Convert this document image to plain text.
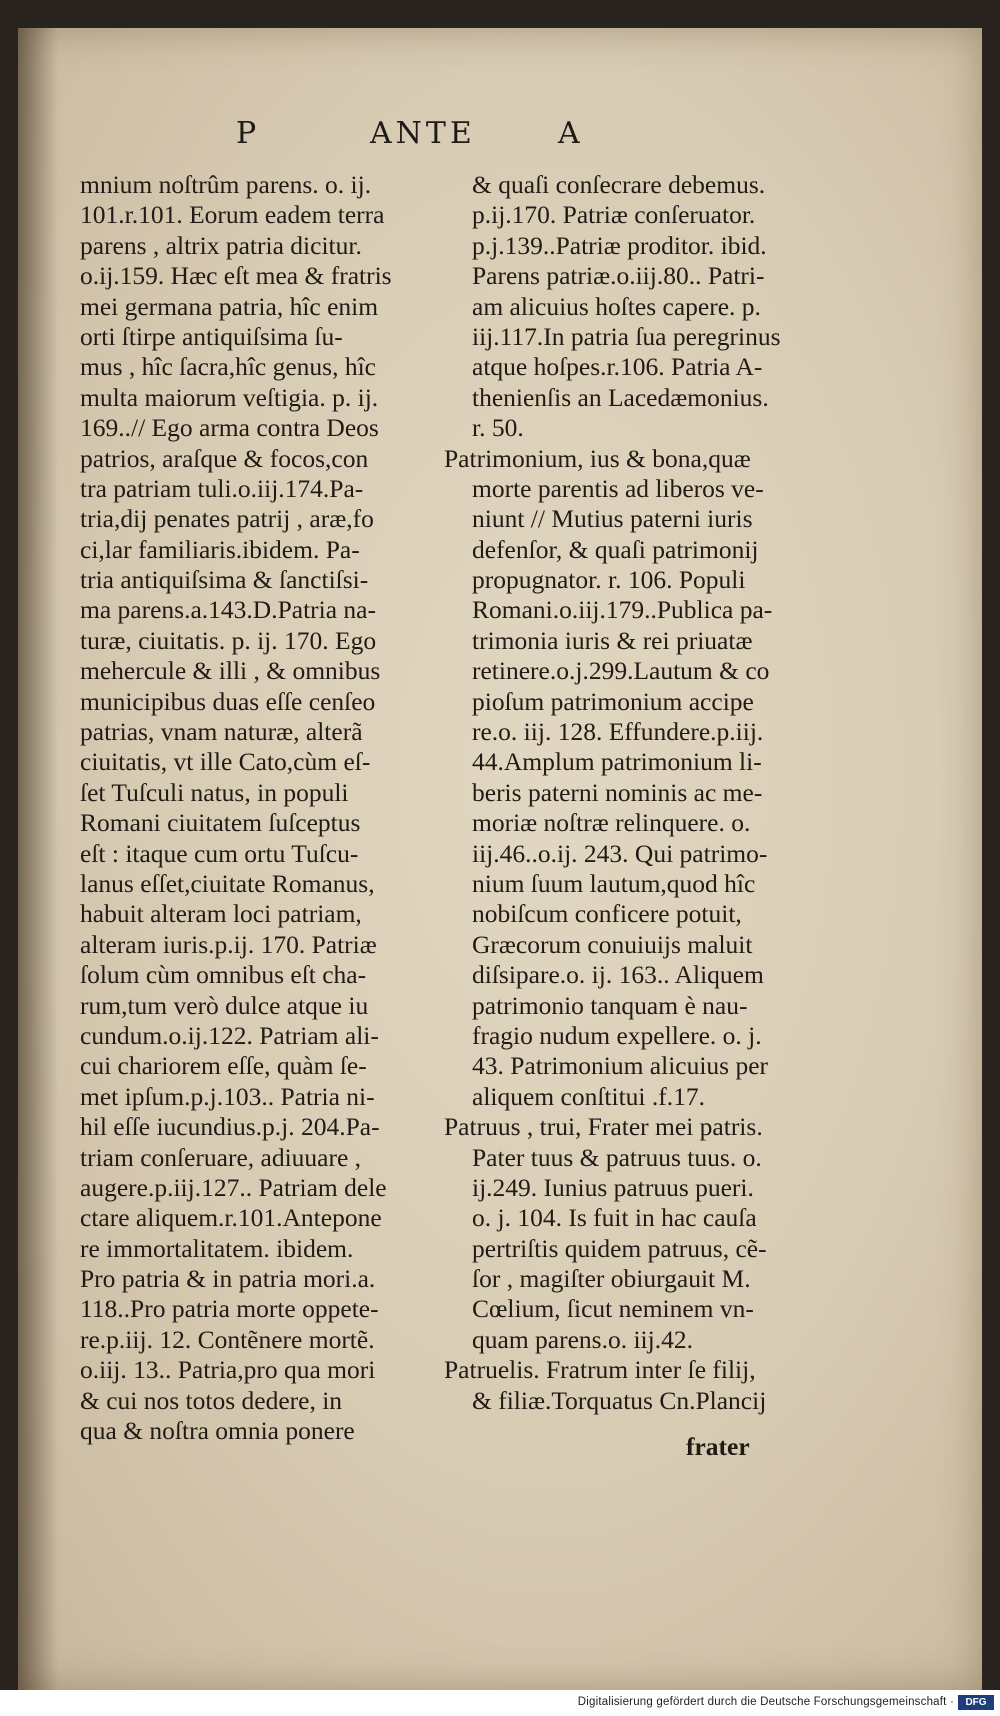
P	ANTE	A
mnium noſtrûm parens. o. ij.
101.r.101. Eorum eadem terra
parens , altrix patria dicitur.
o.ij.159. Hæc eſt mea & fratris
mei germana patria, hîc enim
orti ſtirpe antiquiſsima ſu-
mus , hîc ſacra,hîc genus, hîc
multa maiorum veſtigia. p. ij.
169..// Ego arma contra Deos
patrios, araſque & focos,con
tra patriam tuli.o.iij.174.Pa-
tria,dij penates patrij , aræ,fo
ci,lar familiaris.ibidem. Pa-
tria antiquiſsima & ſanctiſsi-
ma parens.a.143.D.Patria na-
turæ, ciuitatis. p. ij. 170. Ego
mehercule & illi , & omnibus
municipibus duas eſſe cenſeo
patrias, vnam naturæ, alterã
ciuitatis, vt ille Cato,cùm eſ-
ſet Tuſculi natus, in populi
Romani ciuitatem ſuſceptus
eſt : itaque cum ortu Tuſcu-
lanus eſſet,ciuitate Romanus,
habuit alteram loci patriam,
alteram iuris.p.ij. 170. Patriæ
ſolum cùm omnibus eſt cha-
rum,tum verò dulce atque iu
cundum.o.ij.122. Patriam ali-
cui chariorem eſſe, quàm ſe-
met ipſum.p.j.103.. Patria ni-
hil eſſe iucundius.p.j. 204.Pa-
triam conſeruare, adiuuare ,
augere.p.iij.127.. Patriam dele
ctare aliquem.r.101.Antepone
re immortalitatem. ibidem.
Pro patria & in patria mori.a.
118..Pro patria morte oppete-
re.p.iij. 12. Contẽnere mortẽ.
o.iij. 13.. Patria,pro qua mori
& cui nos totos dedere, in
qua & noſtra omnia ponere
& quaſi conſecrare debemus.
p.ij.170. Patriæ conſeruator.
p.j.139..Patriæ proditor. ibid.
Parens patriæ.o.iij.80.. Patri-
am alicuius hoſtes capere. p.
iij.117.In patria ſua peregrinus
atque hoſpes.r.106. Patria A-
thenienſis an Lacedæmonius.
r. 50.
Patrimonium, ius & bona,quæ
morte parentis ad liberos ve-
niunt // Mutius paterni iuris
defenſor, & quaſi patrimonij
propugnator. r. 106. Populi
Romani.o.iij.179..Publica pa-
trimonia iuris & rei priuatæ
retinere.o.j.299.Lautum & co
pioſum patrimonium accipe
re.o. iij. 128. Effundere.p.iij.
44.Amplum patrimonium li-
beris paterni nominis ac me-
moriæ noſtræ relinquere. o.
iij.46..o.ij. 243. Qui patrimo-
nium ſuum lautum,quod hîc
nobiſcum conficere potuit,
Græcorum conuiuijs maluit
diſsipare.o. ij. 163.. Aliquem
patrimonio tanquam è nau-
fragio nudum expellere. o. j.
43. Patrimonium alicuius per
aliquem conſtitui .f.17.
Patruus , trui, Frater mei patris.
Pater tuus & patruus tuus. o.
ij.249. Iunius patruus pueri.
o. j. 104. Is fuit in hac cauſa
pertriſtis quidem patruus, cẽ-
ſor , magiſter obiurgauit M.
Cœlium, ſicut neminem vn-
quam parens.o. iij.42.
Patruelis. Fratrum inter ſe filij,
& filiæ.Torquatus Cn.Plancij
frater
Digitalisierung gefördert durch die Deutsche Forschungsgemeinschaft ·	DFG
